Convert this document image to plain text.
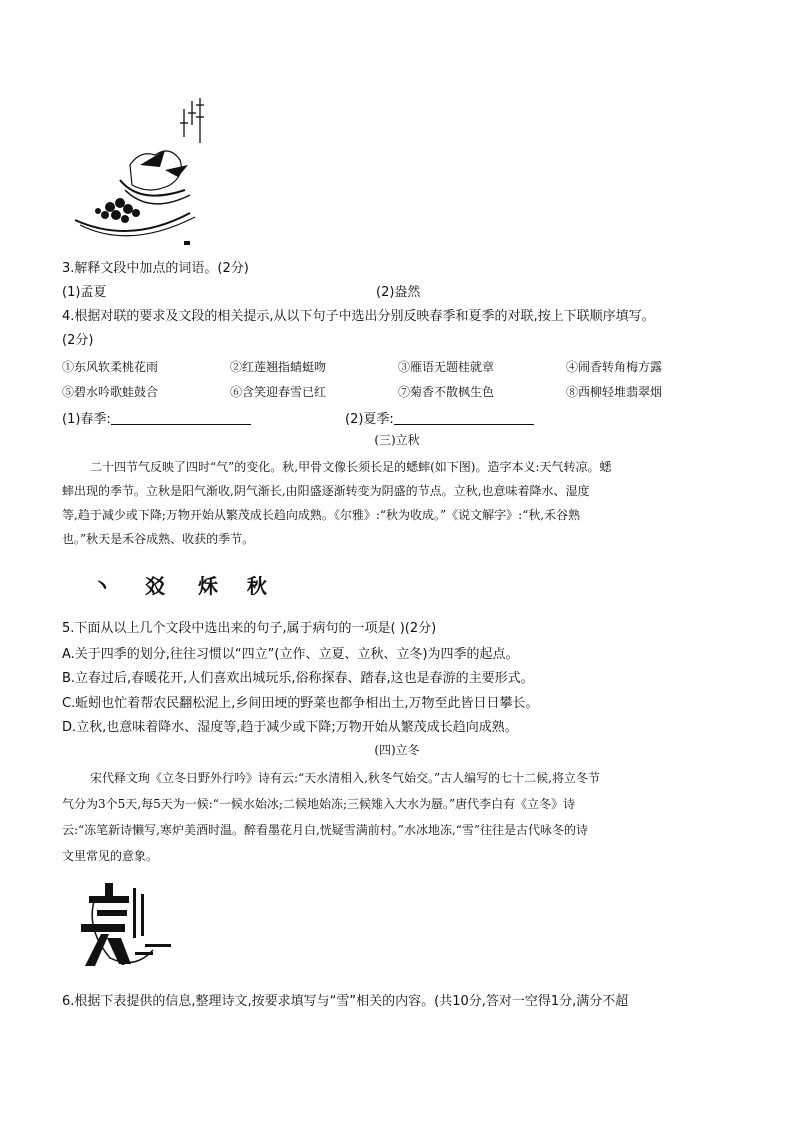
3.解释文段中加点的词语。(2分)
(1)孟夏	(2)盎然
4.根据对联的要求及文段的相关提示,从以下句子中选出分别反映春季和夏季的对联,按上下联顺序填写。
(2分)
①东风软柔桃花雨	②红莲翘指蜻蜓吻	③雁语无题桂就章	④闹香转角梅方露
⑤碧水吟歌蛙鼓合	⑥含笑迎春雪已红	⑦菊香不散枫生色	⑧西柳轻堆翡翠烟
(1)春季:	(2)夏季:
(三)立秋
二十四节气反映了四时“气”的变化。秋,甲骨文像长须长足的蟋蟀(如下图)。造字本义:天气转凉。蟋
蟀出现的季节。立秋是阳气渐收,阴气渐长,由阳盛逐渐转变为阴盛的节点。立秋,也意味着降水、湿度
等,趋于减少或下降;万物开始从繁茂成长趋向成熟。《尔雅》:“秋为收成。”《说文解字》:“秋,禾谷熟
也。”秋天是禾谷成熟、收获的季节。
丶 㸚 秌 秋
5.下面从以上几个文段中选出来的句子,属于病句的一项是( )(2分)
A.关于四季的划分,往往习惯以“四立”(立作、立夏、立秋、立冬)为四季的起点。
B.立春过后,春暖花开,人们喜欢出城玩乐,俗称探春、踏春,这也是春游的主要形式。
C.蚯蚓也忙着帮农民翻松泥上,乡间田埂的野菜也都争相出土,万物至此皆日日攀长。
D.立秋,也意味着降水、湿度等,趋于减少或下降;万物开始从繁茂成长趋向成熟。
(四)立冬
宋代释文珣《立冬日野外行吟》诗有云:“天水清相入,秋冬气始交。”古人编写的七十二候,将立冬节
气分为3个5天,每5天为一候:“一候水始冰;二候地始冻;三候雉入大水为蜃。”唐代李白有《立冬》诗
云:“冻笔新诗懒写,寒炉美酒时温。醉看墨花月白,恍疑雪满前村。”水冰地冻,“雪”往往是古代咏冬的诗
文里常见的意象。
6.根据下表提供的信息,整理诗文,按要求填写与“雪”相关的内容。(共10分,答对一空得1分,满分不超
